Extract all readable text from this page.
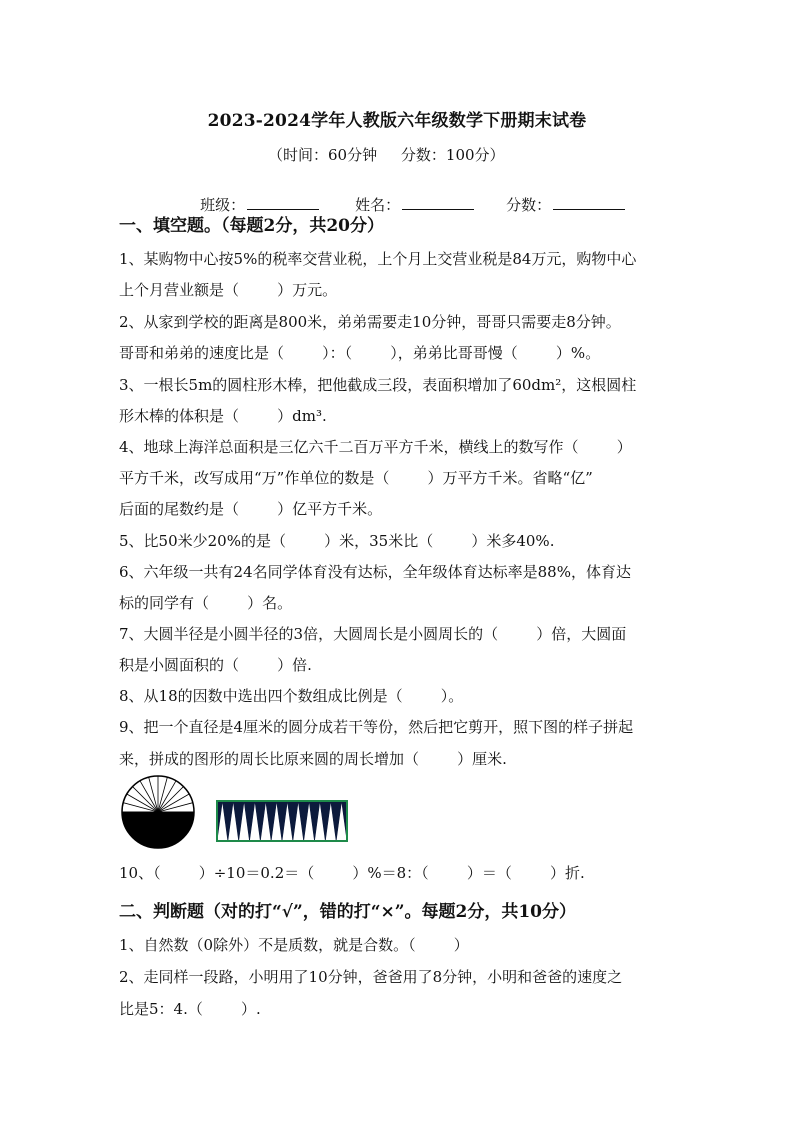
2023-2024学年人教版六年级数学下册期末试卷
（时间：60分钟     分数：100分）

班级：
	姓名：
	分数：

一、填空题。（每题2分，共20分）
1、某购物中心按5%的税率交营业税，上个月上交营业税是84万元，购物中心
上个月营业额是（        ）万元。
2、从家到学校的距离是800米，弟弟需要走10分钟，哥哥只需要走8分钟。
哥哥和弟弟的速度比是（        ）：（        ），弟弟比哥哥慢（        ）%。
3、一根长5m的圆柱形木棒，把他截成三段，表面积增加了60dm²，这根圆柱
形木棒的体积是（        ）dm³.
4、地球上海洋总面积是三亿六千二百万平方千米，横线上的数写作（        ）
平方千米，改写成用“万”作单位的数是（        ）万平方千米。省略“亿”
后面的尾数约是（        ）亿平方千米。
5、比50米少20%的是（        ）米，35米比（        ）米多40%.
6、六年级一共有24名同学体育没有达标，全年级体育达标率是88%，体育达
标的同学有（        ）名。
7、大圆半径是小圆半径的3倍，大圆周长是小圆周长的（        ）倍，大圆面
积是小圆面积的（        ）倍.
8、从18的因数中选出四个数组成比例是（        ）。
9、把一个直径是4厘米的圆分成若干等份，然后把它剪开，照下图的样子拼起
来，拼成的图形的周长比原来圆的周长增加（        ）厘米.
10、（        ）÷10＝0.2＝（        ）%＝8：（        ）＝（        ）折.
二、判断题（对的打“√”，错的打“×”。每题2分，共10分）
1、自然数（0除外）不是质数，就是合数。（        ）
2、走同样一段路，小明用了10分钟，爸爸用了8分钟，小明和爸爸的速度之
比是5：4.（        ）.
